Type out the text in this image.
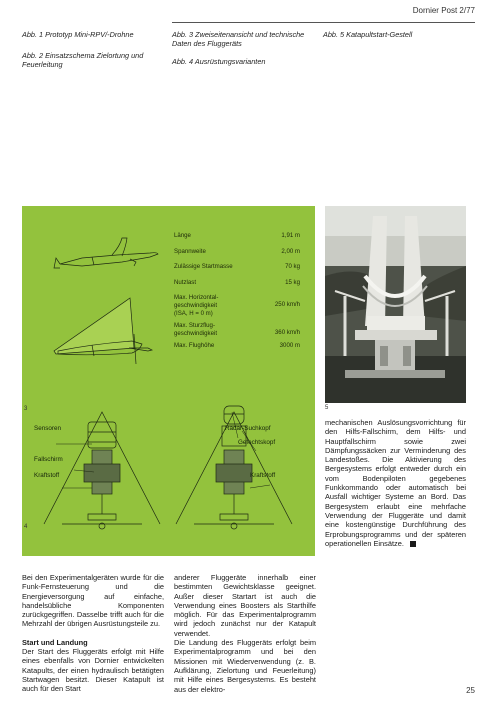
Dornier Post 2/77
Abb. 1 Prototyp Mini-RPV/-Drohne
Abb. 2 Einsatzschema Zielortung und Feuerleitung
Abb. 3 Zweiseitenansicht und technische Daten des Fluggeräts
Abb. 4 Ausrüstungsvarianten
Abb. 5 Katapultstart-Gestell
3
4
Sensoren
Fallschirm
Kraftstoff
Radar-Suchkopf
Gefechtskopf
Kraftstoff
Länge	1,91 m
Spannweite	2,00 m
Zulässige Startmasse	70 kg
Nutzlast	15 kg
Max. Horizontal-
geschwindigkeit
(ISA, H = 0 m)
250 km/h
Max. Sturzflug-
geschwindigkeit	360 km/h
Max. Flughöhe	3000 m
5

mechanischen Auslösungsvorrichtung für den Hilfs-Fallschirm, dem Hilfs- und Hauptfallschirm sowie zwei Dämpfungssäcken zur Verminderung des Landestoßes. Die Aktivierung des Bergesystems erfolgt entweder durch ein vom Bodenpiloten gegebenes Funkkommando oder automatisch bei Ausfall wichtiger Systeme an Bord. Das Bergesystem erlaubt eine mehrfache Verwendung der Fluggeräte und damit eine kostengünstige Durchführung des Erprobungsprogramms und der späteren operationellen Einsätze.

Bei den Experimentalgeräten wurde für die Funk-Fernsteuerung und die Energieversorgung auf einfache, handelsübliche Komponenten zurückgegriffen. Dasselbe trifft auch für die Mehrzahl der übrigen Ausrüstungsteile zu.

Start und Landung

Der Start des Fluggeräts erfolgt mit Hilfe eines ebenfalls von Dornier entwickelten Katapults, der einen hydraulisch betätigten Startwagen besitzt. Dieser Katapult ist auch für den Start

anderer Fluggeräte innerhalb einer bestimmten Gewichtsklasse geeignet. Außer dieser Startart ist auch die Verwendung eines Boosters als Starthilfe möglich. Für das Experimentalprogramm wird jedoch zunächst nur der Katapult verwendet.

Die Landung des Fluggeräts erfolgt beim Experimentalprogramm und bei den Missionen mit Wiederverwendung (z. B. Aufklärung, Zielortung und Feuerleitung) mit Hilfe eines Bergesystems. Es besteht aus der elektro-	25
